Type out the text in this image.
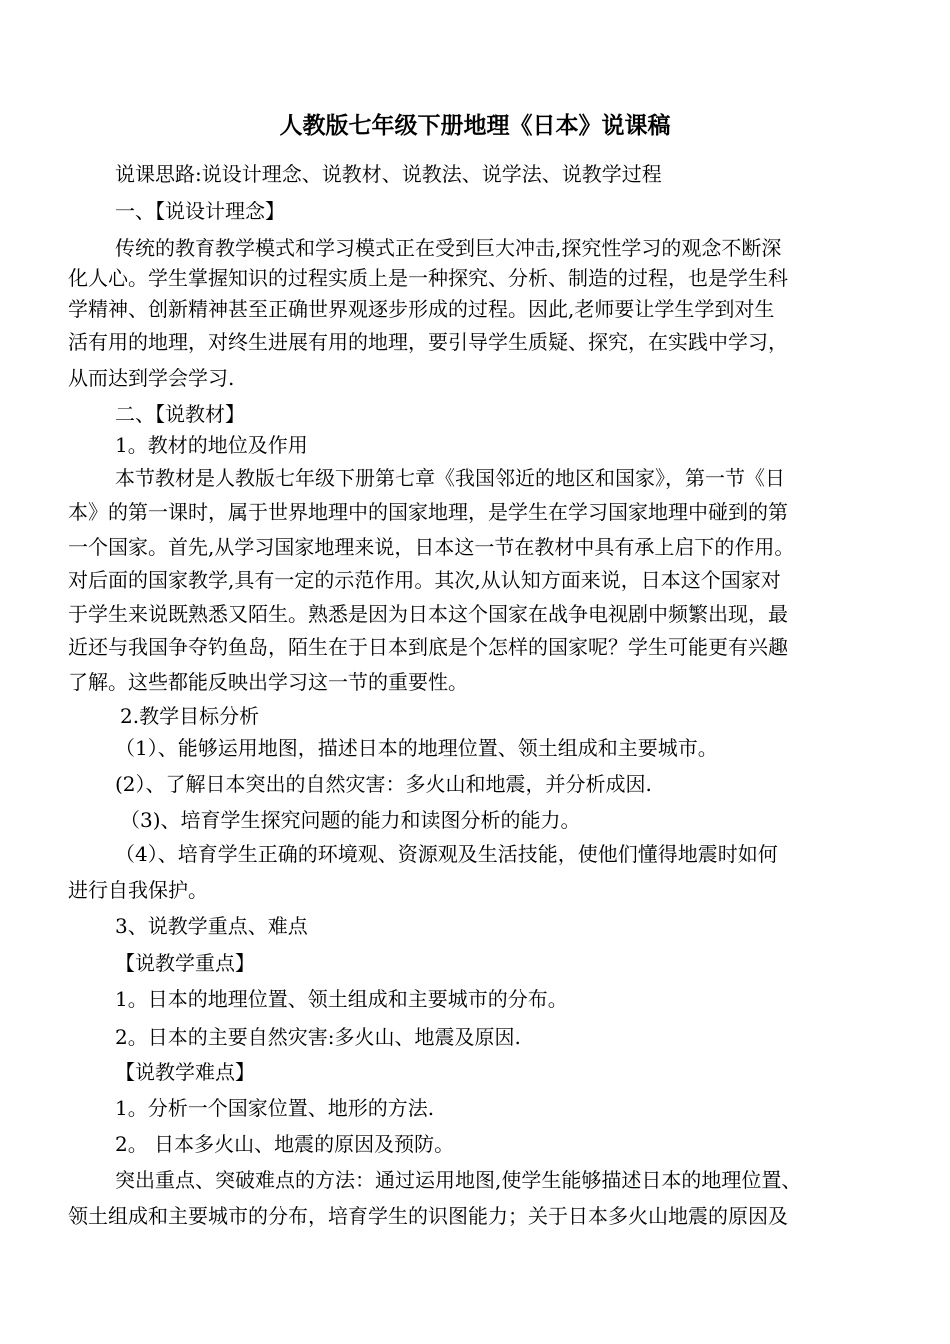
人教版七年级下册地理《日本》说课稿
说课思路:说设计理念、说教材、说教法、说学法、说教学过程
一、【说设计理念】
传统的教育教学模式和学习模式正在受到巨大冲击,探究性学习的观念不断深
化人心。学生掌握知识的过程实质上是一种探究、分析、制造的过程，也是学生科
学精神、创新精神甚至正确世界观逐步形成的过程。因此,老师要让学生学到对生
活有用的地理，对终生进展有用的地理，要引导学生质疑、探究，在实践中学习，
从而达到学会学习.
二、【说教材】
1。教材的地位及作用
本节教材是人教版七年级下册第七章《我国邻近的地区和国家》，第一节《日
本》的第一课时，属于世界地理中的国家地理，是学生在学习国家地理中碰到的第
一个国家。首先,从学习国家地理来说，日本这一节在教材中具有承上启下的作用。
对后面的国家教学,具有一定的示范作用。其次,从认知方面来说，日本这个国家对
于学生来说既熟悉又陌生。熟悉是因为日本这个国家在战争电视剧中频繁出现，最
近还与我国争夺钓鱼岛，陌生在于日本到底是个怎样的国家呢？学生可能更有兴趣
了解。这些都能反映出学习这一节的重要性。
2.教学目标分析
（1）、能够运用地图，描述日本的地理位置、领土组成和主要城市。
(2）、了解日本突出的自然灾害：多火山和地震，并分析成因.
（3)、培育学生探究问题的能力和读图分析的能力。
（4）、培育学生正确的环境观、资源观及生活技能，使他们懂得地震时如何
进行自我保护。
3、说教学重点、难点
【说教学重点】
1。日本的地理位置、领土组成和主要城市的分布。
2。日本的主要自然灾害:多火山、地震及原因.
【说教学难点】
1。分析一个国家位置、地形的方法.
2。 日本多火山、地震的原因及预防。
突出重点、突破难点的方法：通过运用地图,使学生能够描述日本的地理位置、
领土组成和主要城市的分布，培育学生的识图能力；关于日本多火山地震的原因及
